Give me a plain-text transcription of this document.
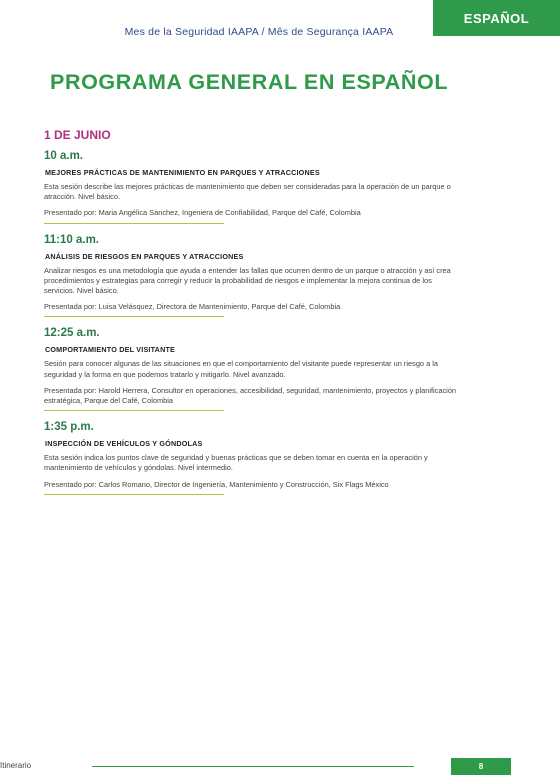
Mes de la Seguridad IAAPA / Mês de Segurança IAAPA
ESPAÑOL
PROGRAMA GENERAL EN ESPAÑOL
1 DE JUNIO
10 a.m.
MEJORES PRÁCTICAS DE MANTENIMIENTO EN PARQUES Y ATRACCIONES
Esta sesión describe las mejores prácticas de mantenimiento que deben ser consideradas para la operación de un parque o atracción. Nivel básico.
Presentado por: Maria Angélica Sanchez, Ingeniera de Confiabilidad, Parque del Café, Colombia
11:10 a.m.
ANÁLISIS DE RIESGOS EN PARQUES Y ATRACCIONES
Analizar riesgos es una metodología que ayuda a entender las fallas que ocurren dentro de un parque o atracción y así crea procedimientos y estrategias para corregir y reducir la probabilidad de riesgos e implementar la mejora continua de los servicios. Nivel básico.
Presentada por: Luisa Velásquez, Directora de Mantenimiento, Parque del Café, Colombia
12:25 a.m.
COMPORTAMIENTO DEL VISITANTE
Sesión para conocer algunas de las situaciones en que el comportamiento del visitante puede representar un riesgo a la seguridad y la forma en que podemos tratarlo y mitigarlo. Nivel avanzado.
Presentada por: Harold Herrera, Consultor en operaciones, accesibilidad, seguridad, mantenimiento, proyectos y planificación estratégica, Parque del Café, Colombia
1:35 p.m.
INSPECCIÓN DE VEHÍCULOS Y GÓNDOLAS
Esta sesión indica los puntos clave de seguridad y buenas prácticas que se deben tomar en cuenta en la operación y mantenimiento de vehículos y góndolas. Nivel intermedio.
Presentado por: Carlos Romano, Director de Ingeniería, Mantenimiento y Construcción, Six Flags México
Itinerario	8
